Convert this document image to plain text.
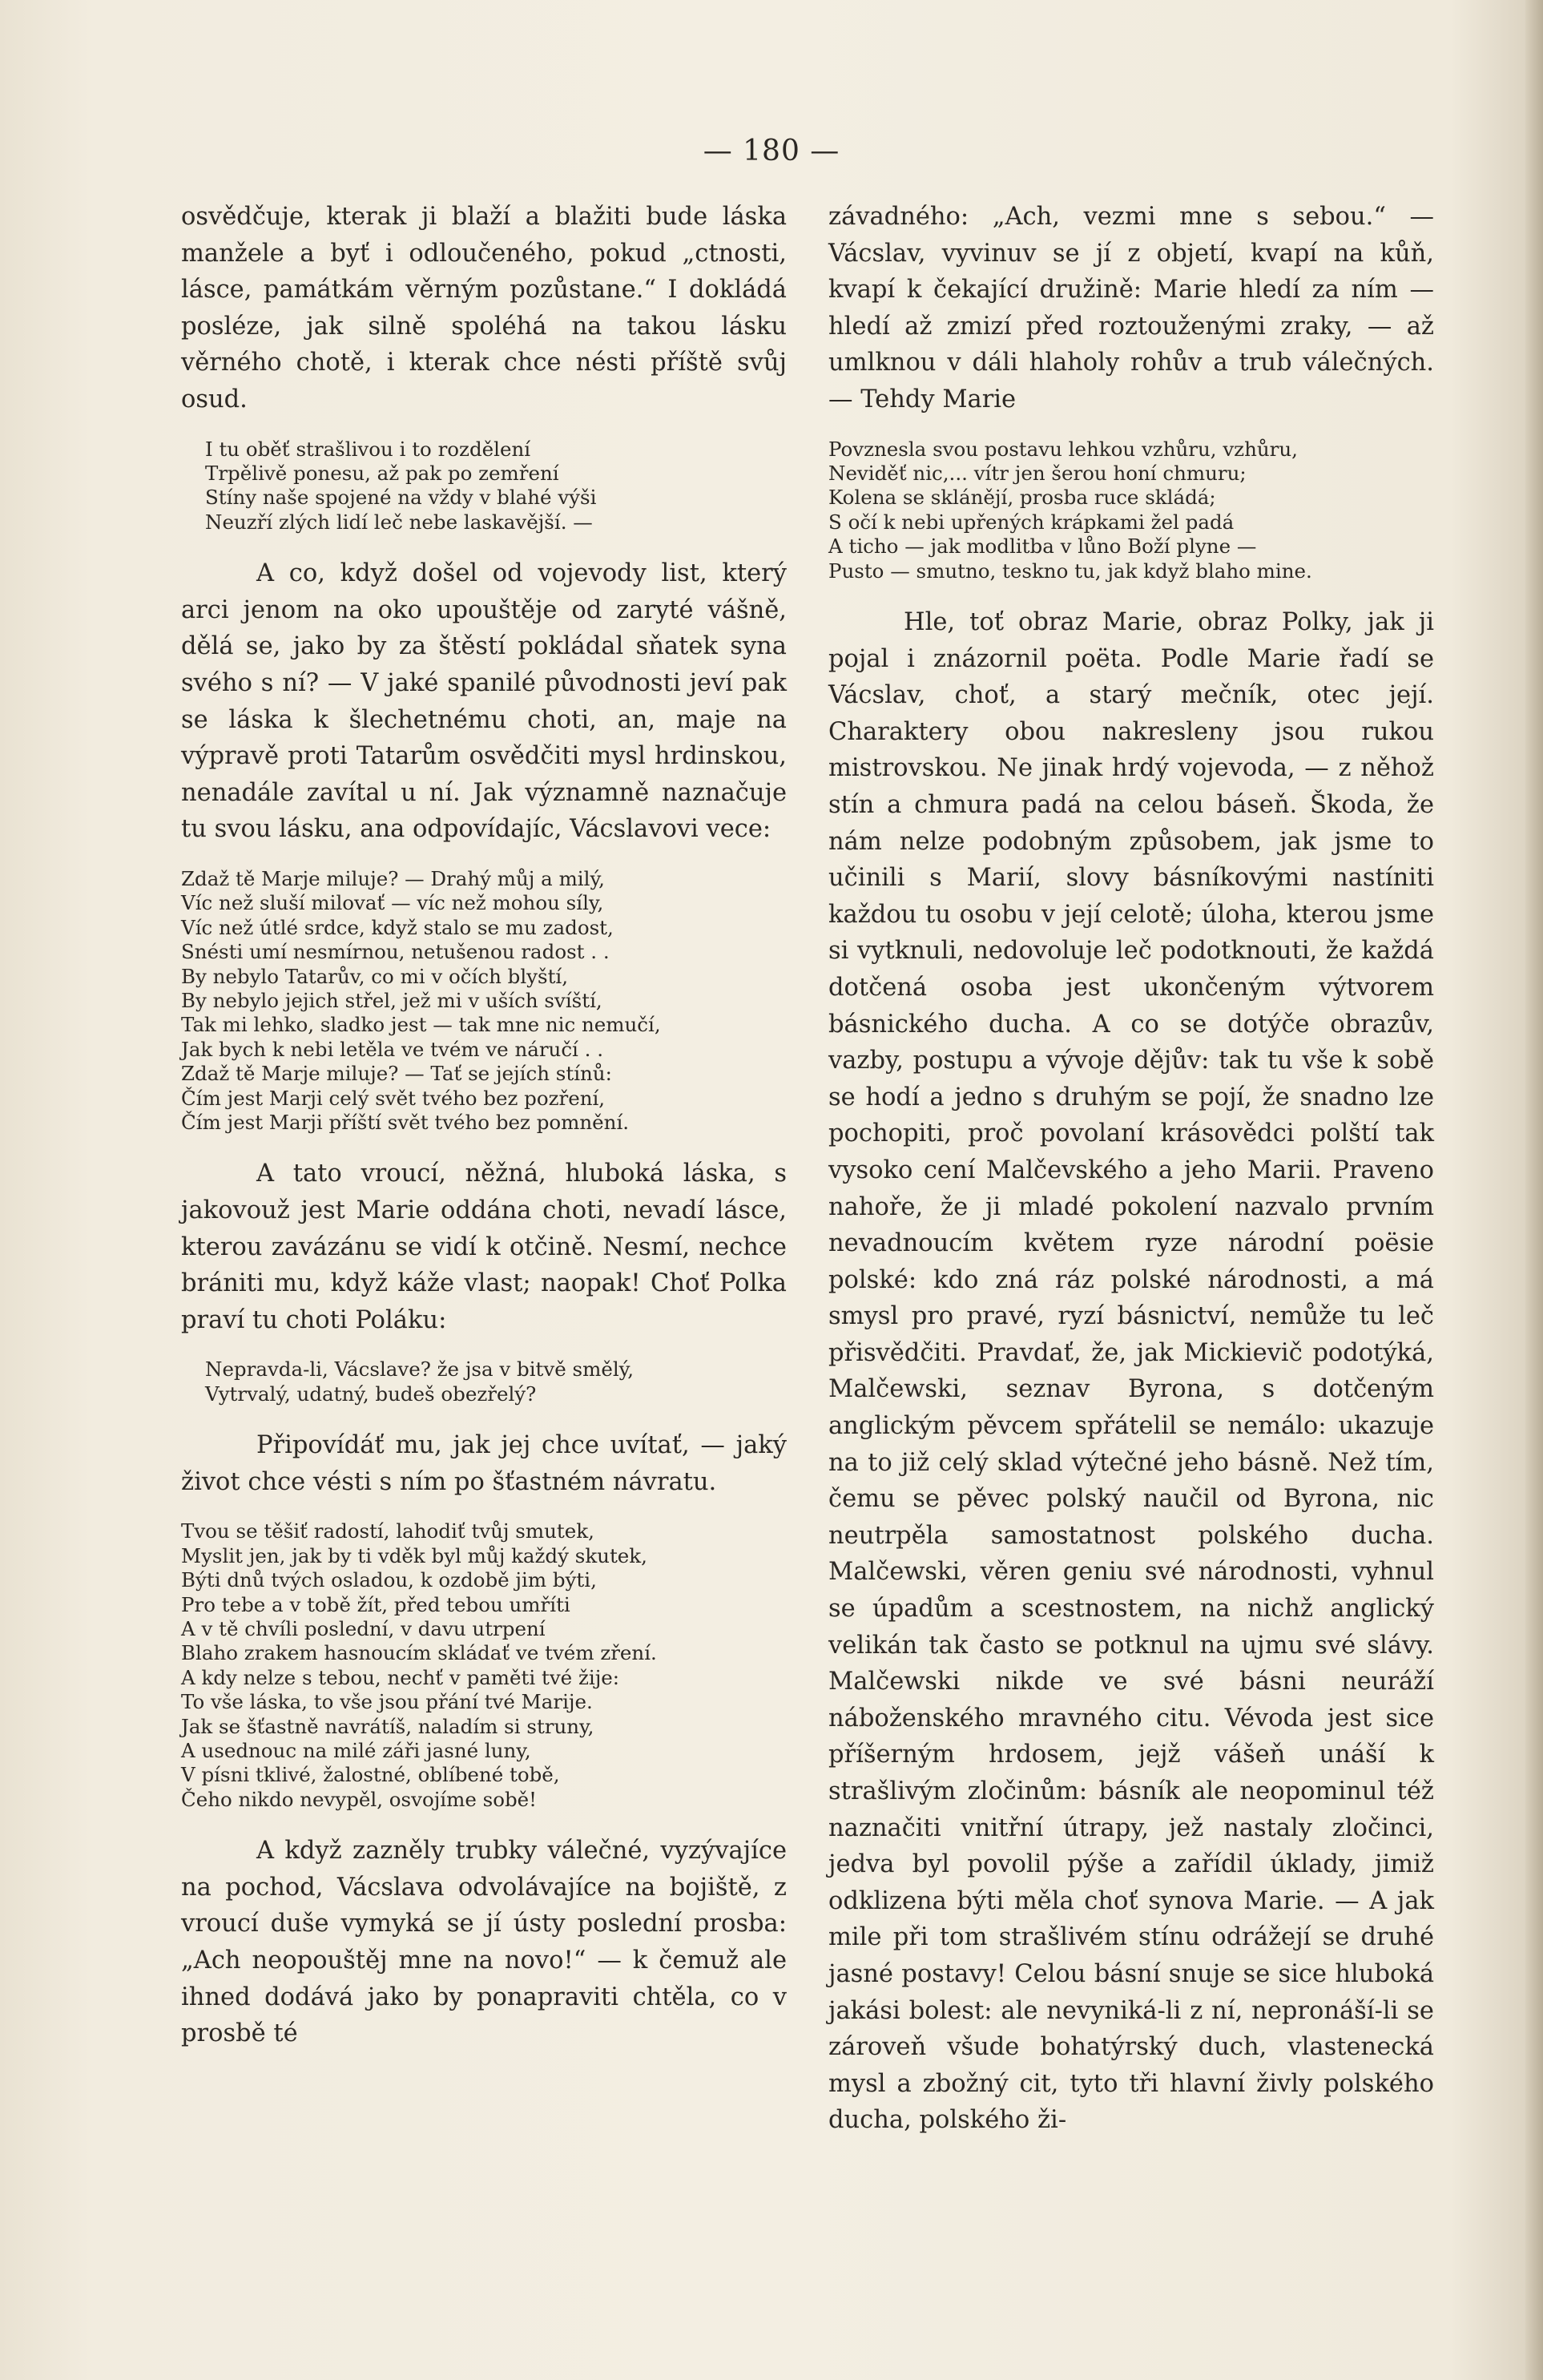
— 180 —

osvědčuje, kterak ji blaží a blažiti bude láska manžele a byť i odloučeného, pokud „ctnosti, lásce, památkám věrným pozůstane.“ I dokládá posléze, jak silně spoléhá na takou lásku věrného chotě, i kterak chce nésti příště svůj osud.

I tu oběť strašlivou i to rozdělení
Trpělivě ponesu, až pak po zemření
Stíny naše spojené na vždy v blahé výši
Neuzří zlých lidí leč nebe laskavější. —

A co, když došel od vojevody list, který arci jenom na oko upouštěje od zaryté vášně, dělá se, jako by za štěstí pokládal sňatek syna svého s ní? — V jaké spanilé původnosti jeví pak se láska k šlechetnému choti, an, maje na výpravě proti Tatarům osvědčiti mysl hrdinskou, nenadále zavítal u ní. Jak významně naznačuje tu svou lásku, ana odpovídajíc, Vácslavovi vece:

Zdaž tě Marje miluje? — Drahý můj a milý,
Víc než sluší milovať — víc než mohou síly,
Víc než útlé srdce, když stalo se mu zadost,
Snésti umí nesmírnou, netušenou radost . .
By nebylo Tatarův, co mi v očích blyští,
By nebylo jejich střel, jež mi v uších svíští,
Tak mi lehko, sladko jest — tak mne nic nemučí,
Jak bych k nebi letěla ve tvém ve náručí . .
Zdaž tě Marje miluje? — Tať se jejích stínů:
Čím jest Marji celý svět tvého bez pozření,
Čím jest Marji příští svět tvého bez pomnění.

A tato vroucí, něžná, hluboká láska, s jakovouž jest Marie oddána choti, nevadí lásce, kterou zavázánu se vidí k otčině. Nesmí, nechce brániti mu, když káže vlast; naopak! Choť Polka praví tu choti Poláku:

Nepravda-li, Vácslave? že jsa v bitvě smělý,
Vytrvalý, udatný, budeš obezřelý?

Připovídáť mu, jak jej chce uvítať, — jaký život chce vésti s ním po šťastném návratu.

Tvou se těšiť radostí, lahodiť tvůj smutek,
Myslit jen, jak by ti vděk byl můj každý skutek,
Býti dnů tvých osladou, k ozdobě jim býti,
Pro tebe a v tobě žít, před tebou umříti
A v tě chvíli poslední, v davu utrpení
Blaho zrakem hasnoucím skládať ve tvém zření.
A kdy nelze s tebou, nechť v paměti tvé žije:
To vše láska, to vše jsou přání tvé Marije.
Jak se šťastně navrátíš, naladím si struny,
A usednouc na milé záři jasné luny,
V písni tklivé, žalostné, oblíbené tobě,
Čeho nikdo nevypěl, osvojíme sobě!

A když zazněly trubky válečné, vyzývajíce na pochod, Vácslava odvolávajíce na bojiště, z vroucí duše vymyká se jí ústy poslední prosba: „Ach neopouštěj mne na novo!“ — k čemuž ale ihned dodává jako by ponapraviti chtěla, co v prosbě té

závadného: „Ach, vezmi mne s sebou.“ — Vácslav, vyvinuv se jí z objetí, kvapí na kůň, kvapí k čekající družině: Marie hledí za ním — hledí až zmizí před roztouženými zraky, — až umlknou v dáli hlaholy rohův a trub válečných. — Tehdy Marie

Povznesla svou postavu lehkou vzhůru, vzhůru,
Neviděť nic,... vítr jen šerou honí chmuru;
Kolena se sklánějí, prosba ruce skládá;
S očí k nebi upřených krápkami žel padá
A ticho — jak modlitba v lůno Boží plyne —
Pusto — smutno, teskno tu, jak když blaho mine.

Hle, toť obraz Marie, obraz Polky, jak ji pojal i znázornil poëta. Podle Marie řadí se Vácslav, choť, a starý mečník, otec její. Charaktery obou nakresleny jsou rukou mistrovskou. Ne jinak hrdý vojevoda, — z něhož stín a chmura padá na celou báseň. Škoda, že nám nelze podobným způsobem, jak jsme to učinili s Marií, slovy básníkovými nastíniti každou tu osobu v její celotě; úloha, kterou jsme si vytknuli, nedovoluje leč podotknouti, že každá dotčená osoba jest ukončeným výtvorem básnického ducha. A co se dotýče obrazův, vazby, postupu a vývoje dějův: tak tu vše k sobě se hodí a jedno s druhým se pojí, že snadno lze pochopiti, proč povolaní krásovědci polští tak vysoko cení Malčevského a jeho Marii. Praveno nahoře, že ji mladé pokolení nazvalo prvním nevadnoucím květem ryze národní poësie polské: kdo zná ráz polské národnosti, a má smysl pro pravé, ryzí básnictví, nemůže tu leč přisvědčiti. Pravdať, že, jak Mickievič podotýká, Malčewski, seznav Byrona, s dotčeným anglickým pěvcem spřátelil se nemálo: ukazuje na to již celý sklad výtečné jeho básně. Než tím, čemu se pěvec polský naučil od Byrona, nic neutrpěla samostatnost polského ducha. Malčewski, věren geniu své národnosti, vyhnul se úpadům a scestnostem, na nichž anglický velikán tak často se potknul na ujmu své slávy. Malčewski nikde ve své básni neuráží náboženského mravného citu. Vévoda jest sice příšerným hrdosem, jejž vášeň unáší k strašlivým zločinům: básník ale neopominul též naznačiti vnitřní útrapy, jež nastaly zločinci, jedva byl povolil pýše a zařídil úklady, jimiž odklizena býti měla choť synova Marie. — A jak mile při tom strašlivém stínu odrážejí se druhé jasné postavy! Celou básní snuje se sice hluboká jakási bolest: ale nevyniká-li z ní, nepronáší-li se zároveň všude bohatýrský duch, vlastenecká mysl a zbožný cit, tyto tři hlavní živly polského ducha, polského ži-
